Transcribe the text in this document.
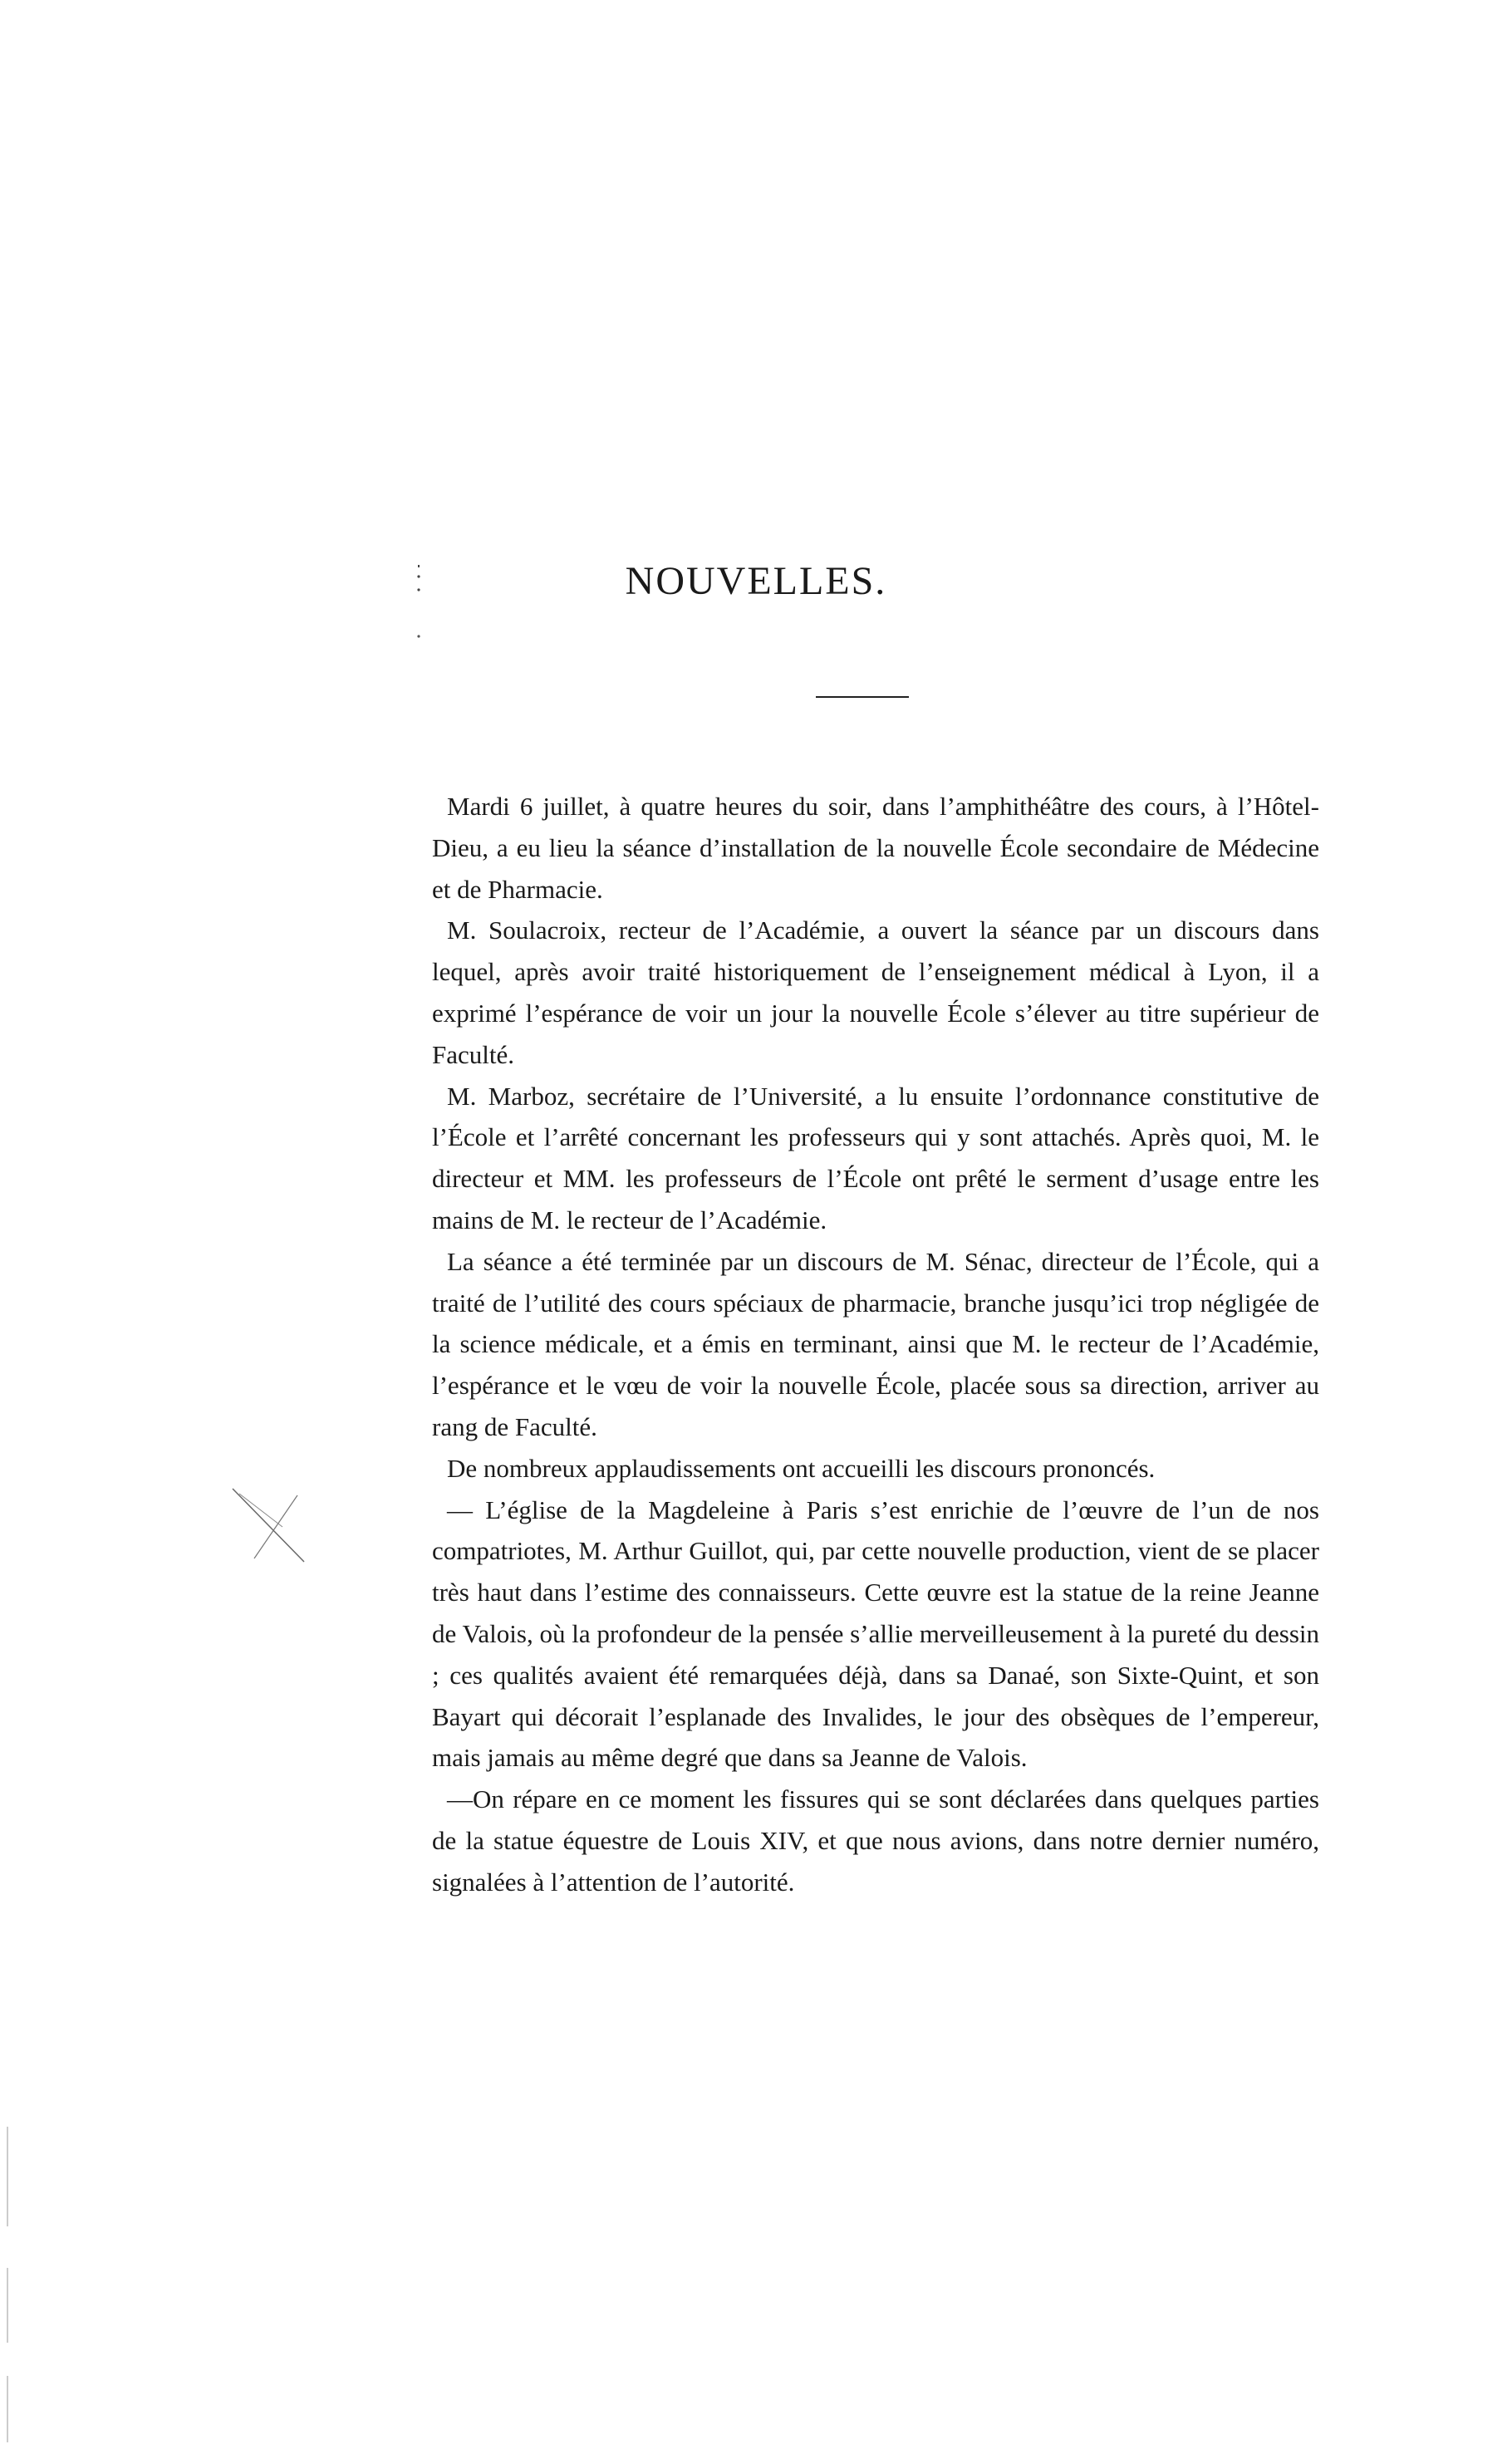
NOUVELLES.

Mardi 6 juillet, à quatre heures du soir, dans l’amphithéâtre des cours, à l’Hôtel-Dieu, a eu lieu la séance d’installation de la nouvelle École secondaire de Médecine et de Pharmacie.

M. Soulacroix, recteur de l’Académie, a ouvert la séance par un discours dans lequel, après avoir traité historiquement de l’enseignement médical à Lyon, il a exprimé l’espérance de voir un jour la nouvelle École s’élever au titre supérieur de Faculté.

M. Marboz, secrétaire de l’Université, a lu ensuite l’ordonnance constitutive de l’École et l’arrêté concernant les professeurs qui y sont attachés. Après quoi, M. le directeur et MM. les professeurs de l’École ont prêté le serment d’usage entre les mains de M. le recteur de l’Académie.

La séance a été terminée par un discours de M. Sénac, directeur de l’École, qui a traité de l’utilité des cours spéciaux de pharmacie, branche jusqu’ici trop négligée de la science médicale, et a émis en terminant, ainsi que M. le recteur de l’Académie, l’espérance et le vœu de voir la nouvelle École, placée sous sa direction, arriver au rang de Faculté.

De nombreux applaudissements ont accueilli les discours prononcés.

— L’église de la Magdeleine à Paris s’est enrichie de l’œuvre de l’un de nos compatriotes, M. Arthur Guillot, qui, par cette nouvelle production, vient de se placer très haut dans l’estime des connaisseurs. Cette œuvre est la statue de la reine Jeanne de Valois, où la profondeur de la pensée s’allie merveilleusement à la pureté du dessin ; ces qualités avaient été remarquées déjà, dans sa Danaé, son Sixte-Quint, et son Bayart qui décorait l’esplanade des Invalides, le jour des obsèques de l’empereur, mais jamais au même degré que dans sa Jeanne de Valois.

—On répare en ce moment les fissures qui se sont déclarées dans quelques parties de la statue équestre de Louis XIV, et que nous avions, dans notre dernier numéro, signalées à l’attention de l’autorité.
